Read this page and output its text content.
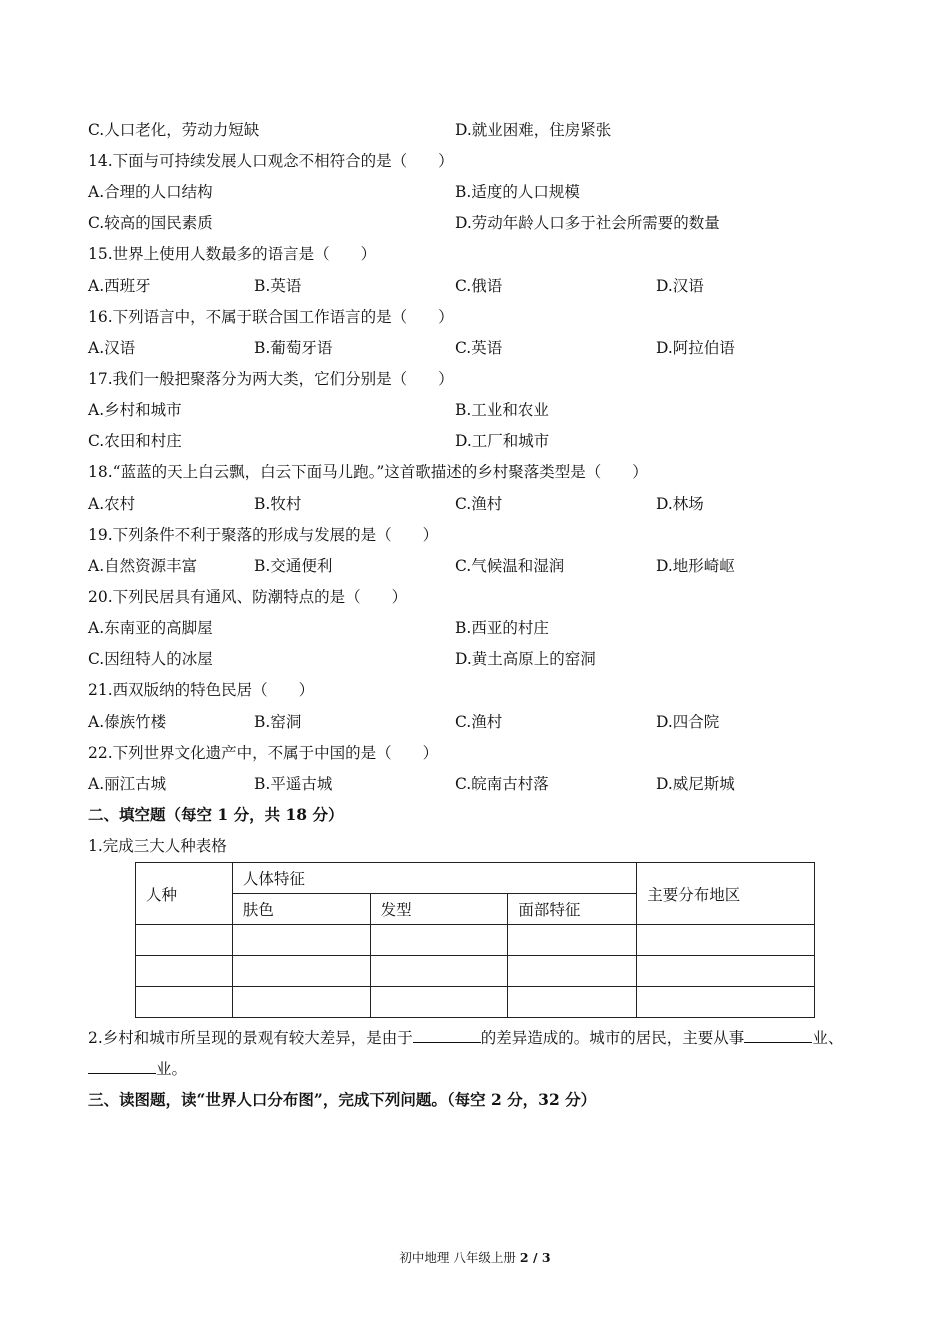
C.人口老化，劳动力短缺	D.就业困难，住房紧张
14.下面与可持续发展人口观念不相符合的是（　　）
A.合理的人口结构	B.适度的人口规模
C.较高的国民素质	D.劳动年龄人口多于社会所需要的数量
15.世界上使用人数最多的语言是（　　）
A.西班牙	B.英语	C.俄语	D.汉语
16.下列语言中，不属于联合国工作语言的是（　　）
A.汉语	B.葡萄牙语	C.英语	D.阿拉伯语
17.我们一般把聚落分为两大类，它们分别是（　　）
A.乡村和城市	B.工业和农业
C.农田和村庄	D.工厂和城市
18.“蓝蓝的天上白云飘，白云下面马儿跑。”这首歌描述的乡村聚落类型是（　　）
A.农村	B.牧村	C.渔村	D.林场
19.下列条件不利于聚落的形成与发展的是（　　）
A.自然资源丰富	B.交通便利	C.气候温和湿润	D.地形崎岖
20.下列民居具有通风、防潮特点的是（　　）
A.东南亚的高脚屋	B.西亚的村庄
C.因纽特人的冰屋	D.黄土高原上的窑洞
21.西双版纳的特色民居（　　）
A.傣族竹楼	B.窑洞	C.渔村	D.四合院
22.下列世界文化遗产中，不属于中国的是（　　）
A.丽江古城	B.平遥古城	C.皖南古村落	D.威尼斯城
二、填空题（每空 1 分，共 18 分）
1.完成三大人种表格
人种	人体特征			主要分布地区
	肤色	发型	面部特征	

2.乡村和城市所呈现的景观有较大差异，是由于	的差异造成的。城市的居民，主要从事	业、
业。
三、读图题，读“世界人口分布图”，完成下列问题。（每空 2 分，32 分）
初中地理 八年级上册 2 / 3
